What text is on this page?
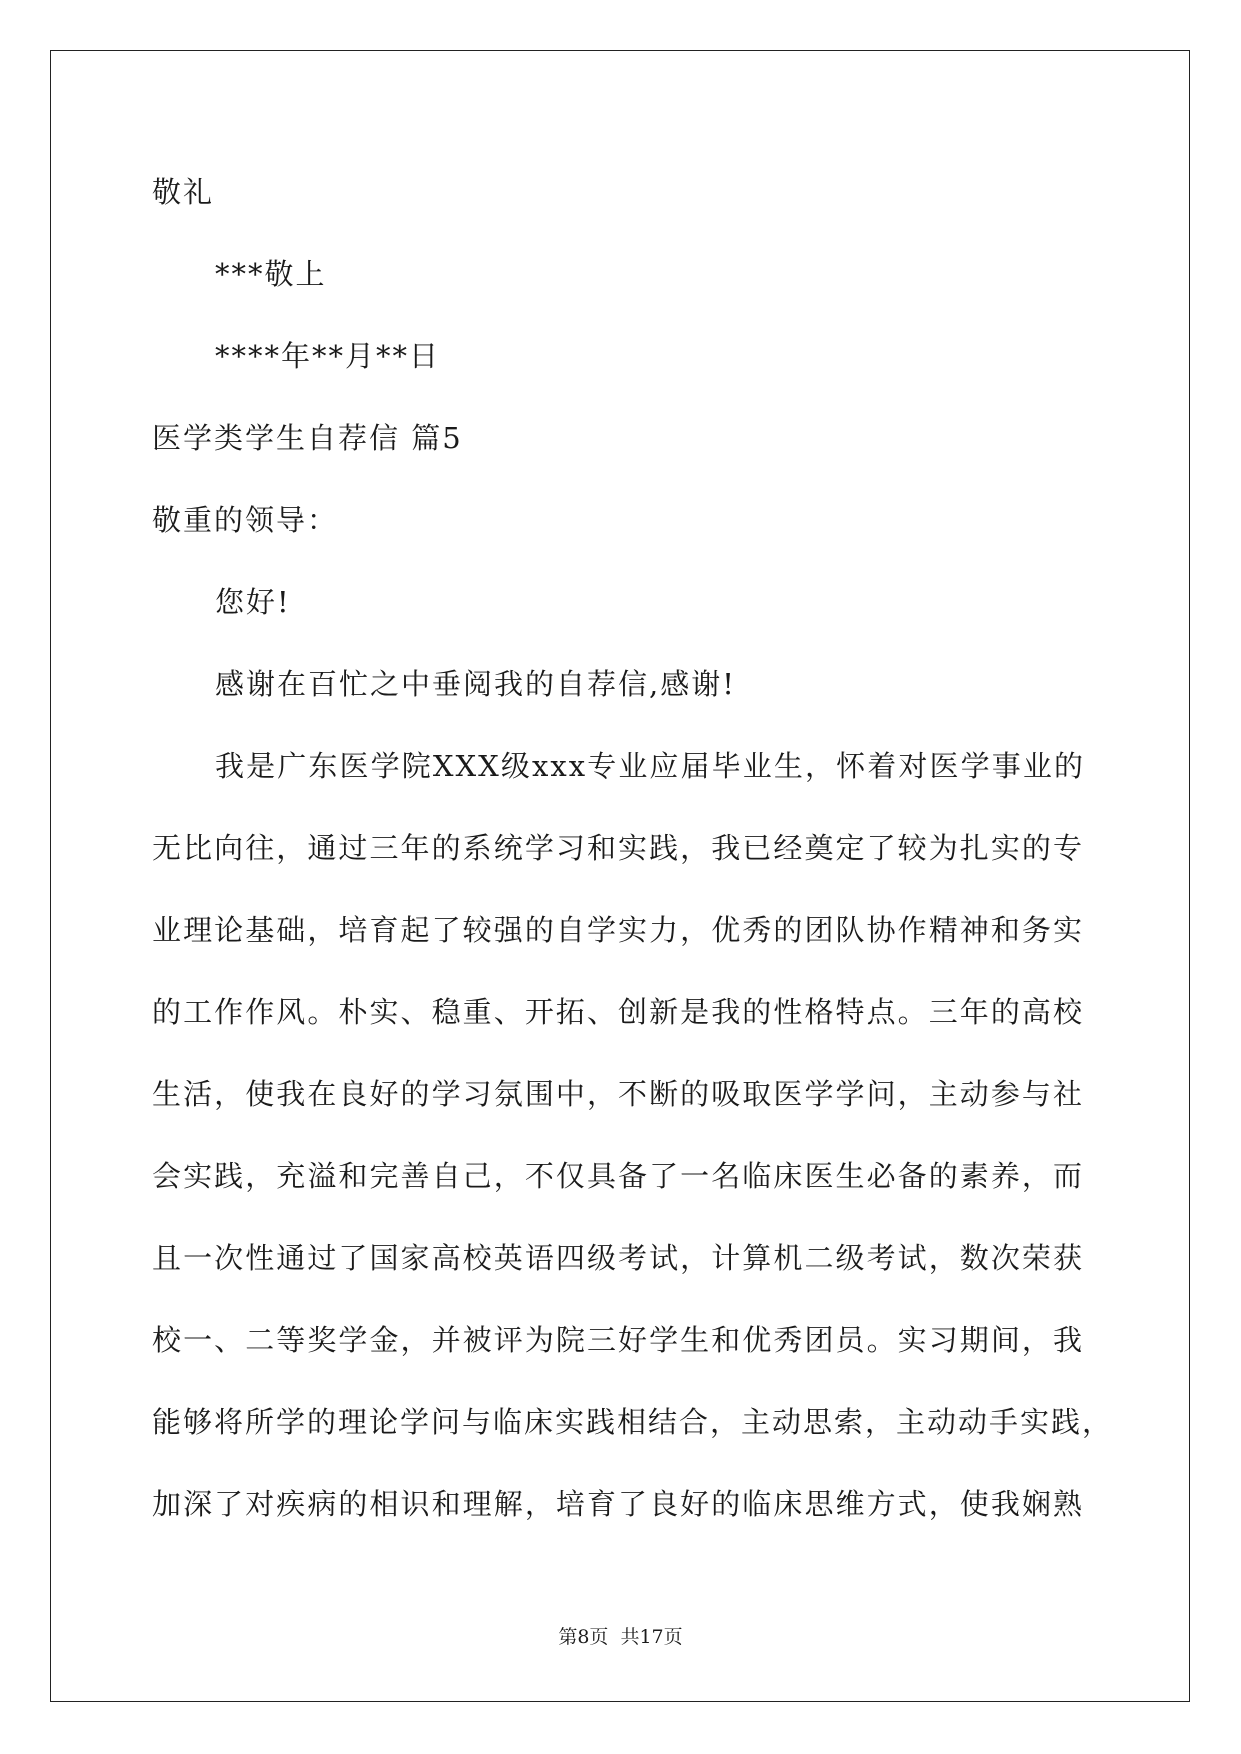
敬礼
***敬上
****年**月**日
医学类学生自荐信 篇5
敬重的领导：
您好!
感谢在百忙之中垂阅我的自荐信,感谢!
我是广东医学院XXX级xxx专业应届毕业生，怀着对医学事业的
无比向往，通过三年的系统学习和实践，我已经奠定了较为扎实的专
业理论基础，培育起了较强的自学实力，优秀的团队协作精神和务实
的工作作风。朴实、稳重、开拓、创新是我的性格特点。三年的高校
生活，使我在良好的学习氛围中，不断的吸取医学学问，主动参与社
会实践，充溢和完善自己，不仅具备了一名临床医生必备的素养，而
且一次性通过了国家高校英语四级考试，计算机二级考试，数次荣获
校一、二等奖学金，并被评为院三好学生和优秀团员。实习期间，我
能够将所学的理论学问与临床实践相结合，主动思索，主动动手实践，
加深了对疾病的相识和理解，培育了良好的临床思维方式，使我娴熟
第8页 共17页
